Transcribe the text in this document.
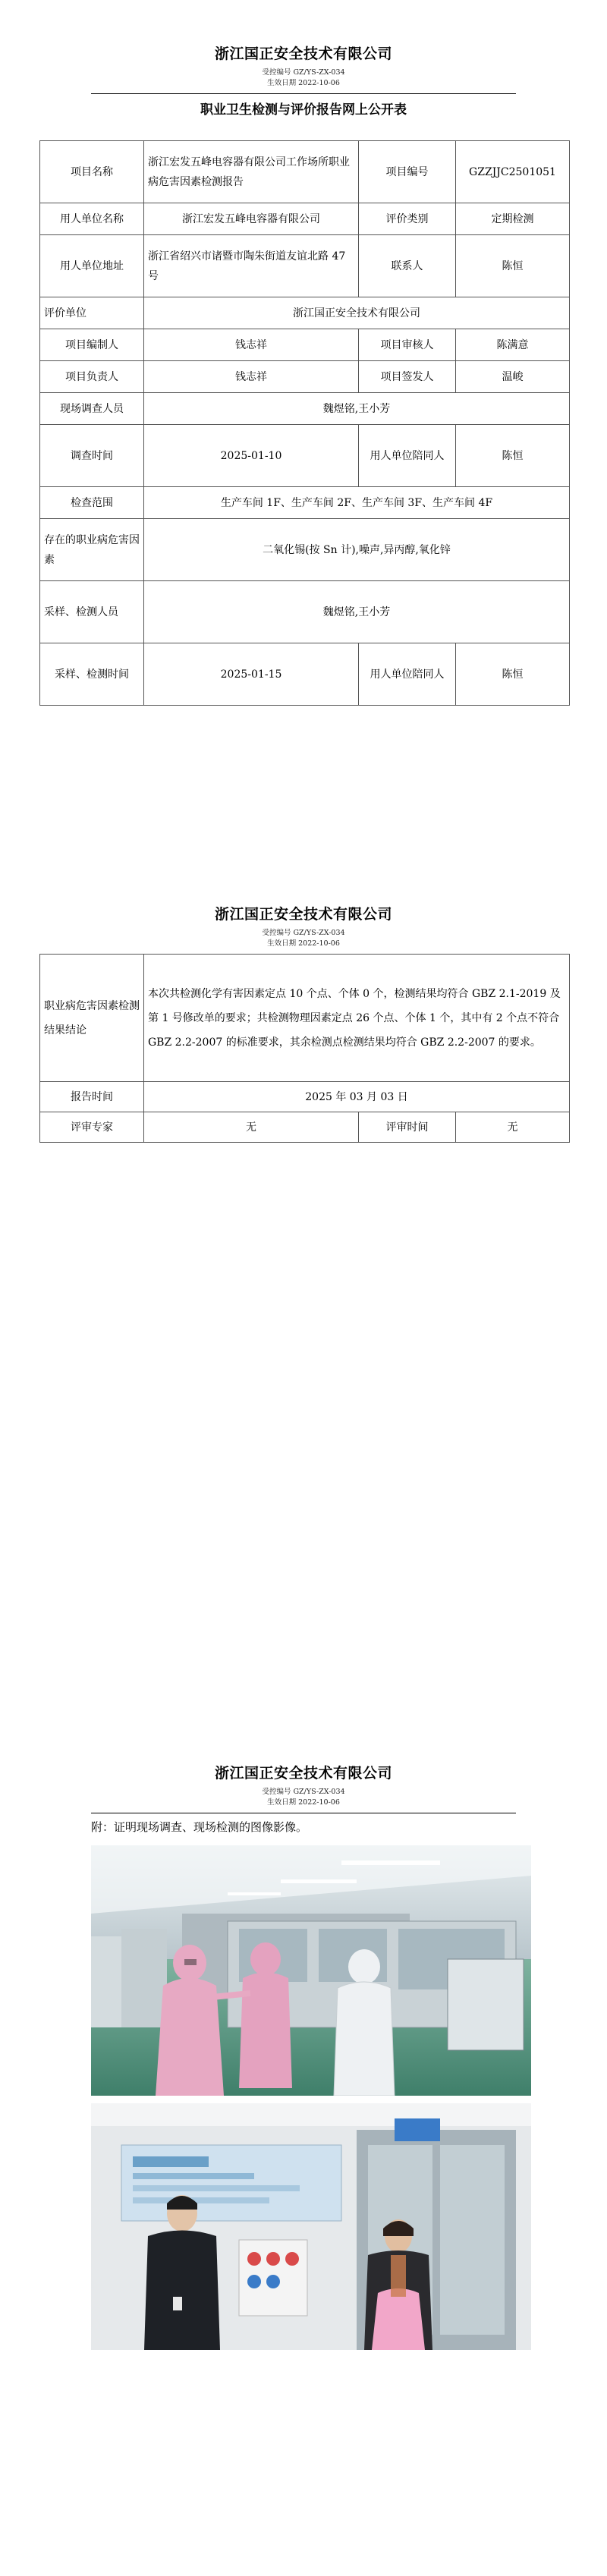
浙江国正安全技术有限公司
受控编号 GZ/YS-ZX-034
生效日期 2022-10-06
职业卫生检测与评价报告网上公开表
项目名称	浙江宏发五峰电容器有限公司工作场所职业病危害因素检测报告	项目编号	GZZJJC2501051
用人单位名称	浙江宏发五峰电容器有限公司	评价类别	定期检测
用人单位地址	浙江省绍兴市诸暨市陶朱街道友谊北路 47 号	联系人	陈恒
评价单位	浙江国正安全技术有限公司		
项目编制人	钱志祥	项目审核人	陈满意
项目负责人	钱志祥	项目签发人	温峻
现场调查人员	魏煜铭,王小芳		
调查时间	2025-01-10	用人单位陪同人	陈恒
检查范围	生产车间 1F、生产车间 2F、生产车间 3F、生产车间 4F		
存在的职业病危害因素	二氧化锡(按 Sn 计),噪声,异丙醇,氧化锌		
采样、检测人员	魏煜铭,王小芳		
采样、检测时间	2025-01-15	用人单位陪同人	陈恒
浙江国正安全技术有限公司
受控编号 GZ/YS-ZX-034
生效日期 2022-10-06
职业病危害因素检测结果结论	本次共检测化学有害因素定点 10 个点、个体 0 个，检测结果均符合 GBZ 2.1-2019 及第 1 号修改单的要求；共检测物理因素定点 26 个点、个体 1 个，其中有 2 个点不符合 GBZ 2.2-2007 的标准要求，其余检测点检测结果均符合 GBZ 2.2-2007 的要求。		
报告时间	2025 年 03 月 03 日		
评审专家	无	评审时间	无
浙江国正安全技术有限公司
受控编号 GZ/YS-ZX-034
生效日期 2022-10-06
附：证明现场调查、现场检测的图像影像。
